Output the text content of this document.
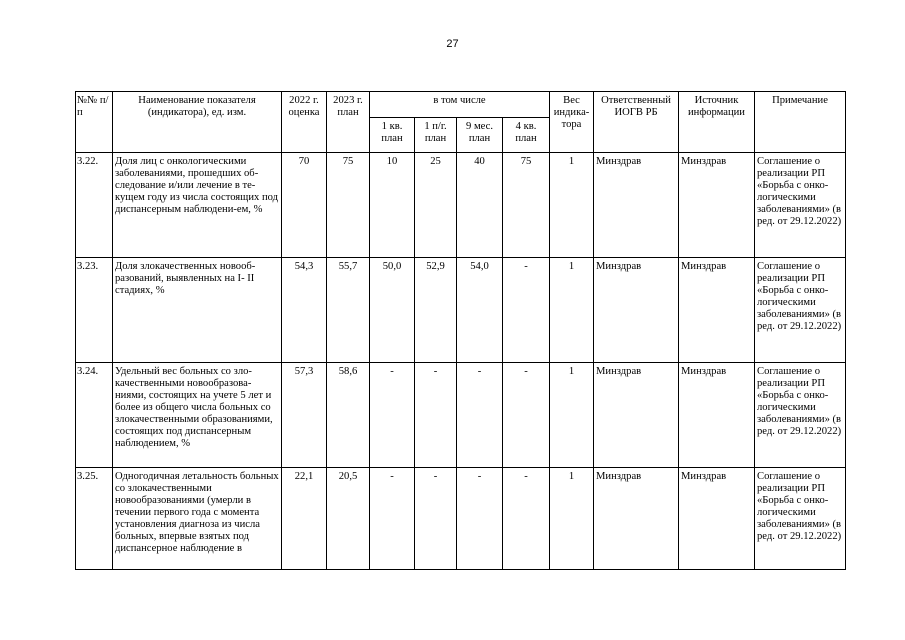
27
№№ п/п	Наименование показателя (индикатора), ед. изм.	2022 г. оценка	2023 г. план	в том числе				Вес индика-тора	Ответственный ИОГВ РБ	Источник информации	Примечание
				1 кв. план	1 п/г. план	9 мес. план	4 кв. план				
3.22.	Доля лиц с онкологическими заболеваниями, прошедших об-следование и/или лечение в те-кущем году из числа состоящих под диспансерным наблюдени-ем, %	70	75	10	25	40	75	1	Минздрав	Минздрав	Соглашение о реализации РП «Борьба с онко-логическими заболеваниями» (в ред. от 29.12.2022)
3.23.	Доля злокачественных новооб-разований, выявленных на I- II стадиях, %	54,3	55,7	50,0	52,9	54,0	-	1	Минздрав	Минздрав	Соглашение о реализации РП «Борьба с онко-логическими заболеваниями» (в ред. от 29.12.2022)
3.24.	Удельный вес больных со зло-качественными новообразова-ниями, состоящих на учете 5 лет и более из общего числа больных со злокачественными образованиями, состоящих под диспансерным наблюдением, %	57,3	58,6	-	-	-	-	1	Минздрав	Минздрав	Соглашение о реализации РП «Борьба с онко-логическими заболеваниями» (в ред. от 29.12.2022)
3.25.	Одногодичная летальность больных со злокачественными новообразованиями (умерли в течении первого года с момента установления диагноза из числа больных, впервые взятых под диспансерное наблюдение в	22,1	20,5	-	-	-	-	1	Минздрав	Минздрав	Соглашение о реализации РП «Борьба с онко-логическими заболеваниями» (в ред. от 29.12.2022)
